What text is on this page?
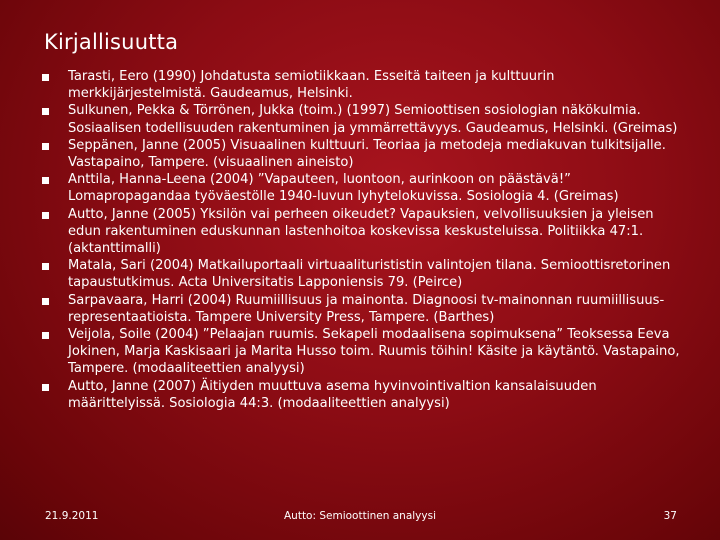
Kirjallisuutta
Tarasti, Eero (1990) Johdatusta semiotiikkaan. Esseitä taiteen ja kulttuurin merkkijärjestelmistä. Gaudeamus, Helsinki.
Sulkunen, Pekka & Törrönen, Jukka (toim.) (1997) Semioottisen sosiologian näkökulmia. Sosiaalisen todellisuuden rakentuminen ja ymmärrettävyys. Gaudeamus, Helsinki. (Greimas)
Seppänen, Janne (2005) Visuaalinen kulttuuri. Teoriaa ja metodeja mediakuvan tulkitsijalle. Vastapaino, Tampere. (visuaalinen aineisto)
Anttila, Hanna-Leena (2004) ”Vapauteen, luontoon, aurinkoon on päästävä!” Lomapropagandaa työväestölle 1940-luvun lyhytelokuvissa. Sosiologia 4. (Greimas)
Autto, Janne (2005) Yksilön vai perheen oikeudet? Vapauksien, velvollisuuksien ja yleisen edun rakentuminen eduskunnan lastenhoitoa koskevissa keskusteluissa. Politiikka 47:1. (aktanttimalli)
Matala, Sari (2004) Matkailuportaali virtuaaliturististin valintojen tilana. Semioottisretorinen tapaustutkimus. Acta Universitatis Lapponiensis 79. (Peirce)
Sarpavaara, Harri (2004) Ruumiillisuus ja mainonta. Diagnoosi tv-mainonnan ruumiillisuus-representaatioista. Tampere University Press, Tampere. (Barthes)
Veijola, Soile (2004) ”Pelaajan ruumis. Sekapeli modaalisena sopimuksena” Teoksessa Eeva Jokinen, Marja Kaskisaari ja Marita Husso toim. Ruumis töihin! Käsite ja käytäntö. Vastapaino, Tampere. (modaaliteettien analyysi)
Autto, Janne (2007) Äitiyden muuttuva asema hyvinvointivaltion kansalaisuuden määrittelyissä. Sosiologia 44:3. (modaaliteettien analyysi)
21.9.2011	Autto: Semioottinen analyysi	37
